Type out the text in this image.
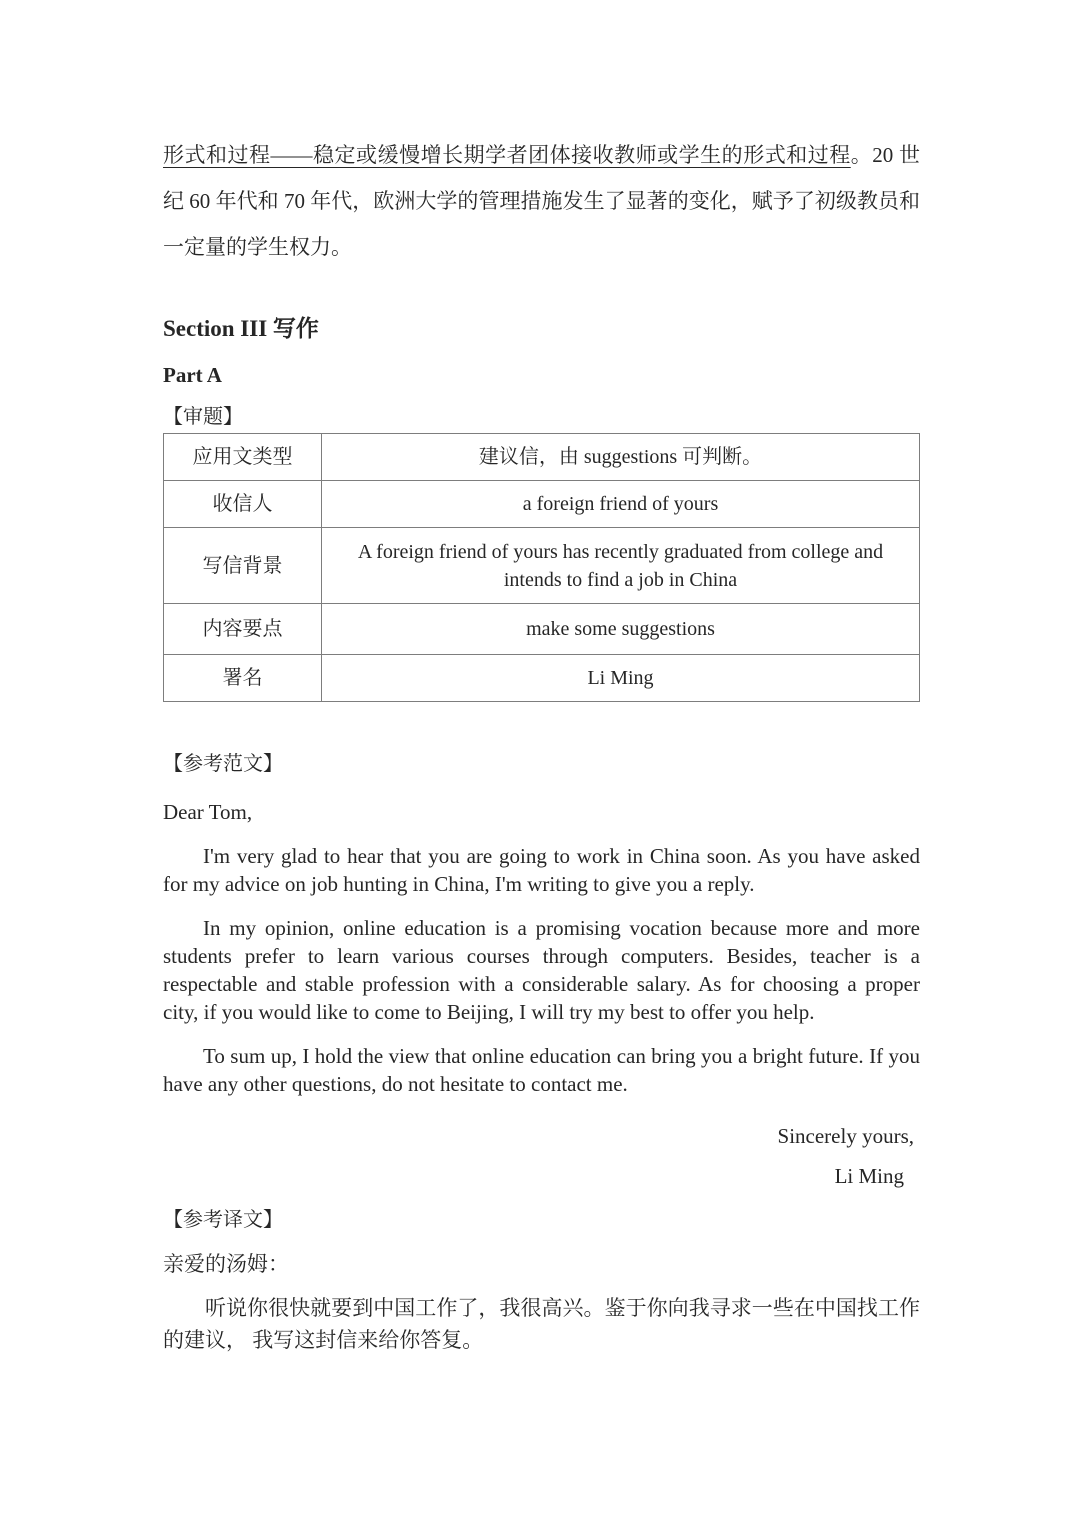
形式和过程——稳定或缓慢增长期学者团体接收教师或学生的形式和过程。20 世纪 60 年代和 70 年代，欧洲大学的管理措施发生了显著的变化，赋予了初级教员和一定量的学生权力。

Section III 写作
Part A
【审题】
应用文类型	建议信，由 suggestions 可判断。
收信人	a foreign friend of yours
写信背景	A foreign friend of yours has recently graduated from college and intends to find a job in China
内容要点	make some suggestions
署名	Li Ming
【参考范文】

Dear Tom,

I'm very glad to hear that you are going to work in China soon. As you have asked for my advice on job hunting in China, I'm writing to give you a reply.

In my opinion, online education is a promising vocation because more and more students prefer to learn various courses through computers. Besides, teacher is a respectable and stable profession with a considerable salary. As for choosing a proper city, if you would like to come to Beijing, I will try my best to offer you help.

To sum up, I hold the view that online education can bring you a bright future. If you have any other questions, do not hesitate to contact me.

Sincerely yours,

Li Ming

【参考译文】

亲爱的汤姆：

听说你很快就要到中国工作了，我很高兴。鉴于你向我寻求一些在中国找工作的建议， 我写这封信来给你答复。
